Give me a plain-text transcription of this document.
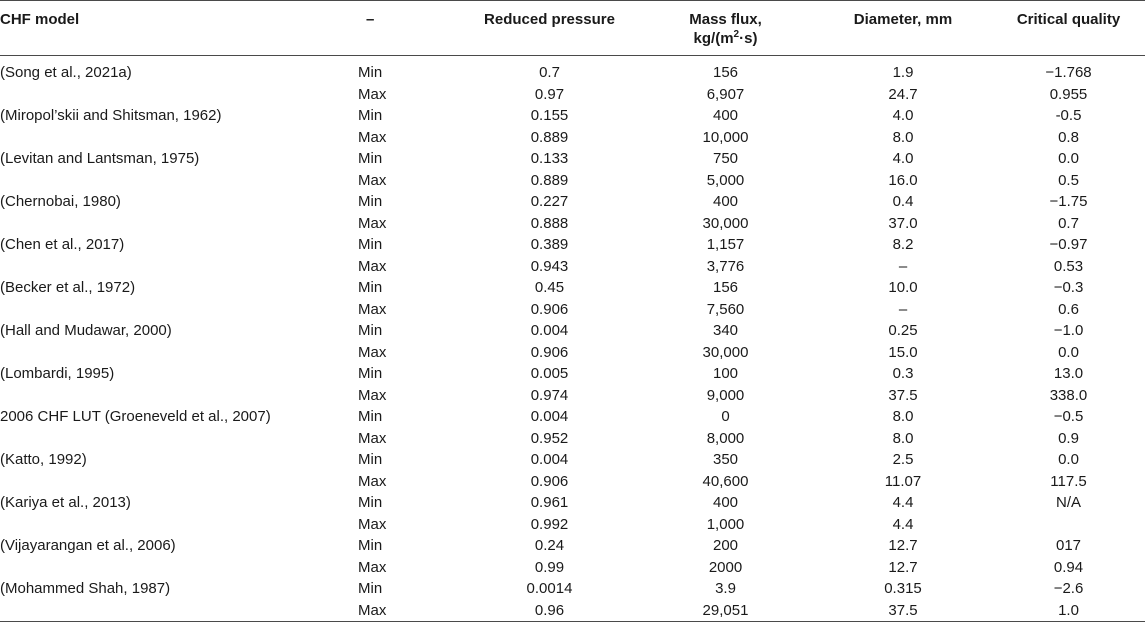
CHF model	–	Reduced pressure	Mass flux,
$kg/(m^2\cdot s)$	Diameter, mm	Critical quality
(Song et al., 2021a)	Min	0.7	156	1.9	−1.768
	Max	0.97	6,907	24.7	0.955
(Miropol’skii and Shitsman, 1962)	Min	0.155	400	4.0	-0.5
	Max	0.889	10,000	8.0	0.8
(Levitan and Lantsman, 1975)	Min	0.133	750	4.0	0.0
	Max	0.889	5,000	16.0	0.5
(Chernobai, 1980)	Min	0.227	400	0.4	−1.75
	Max	0.888	30,000	37.0	0.7
(Chen et al., 2017)	Min	0.389	1,157	8.2	−0.97
	Max	0.943	3,776	–	0.53
(Becker et al., 1972)	Min	0.45	156	10.0	−0.3
	Max	0.906	7,560	–	0.6
(Hall and Mudawar, 2000)	Min	0.004	340	0.25	−1.0
	Max	0.906	30,000	15.0	0.0
(Lombardi, 1995)	Min	0.005	100	0.3	13.0
	Max	0.974	9,000	37.5	338.0
2006 CHF LUT (Groeneveld et al., 2007)	Min	0.004	0	8.0	−0.5
	Max	0.952	8,000	8.0	0.9
(Katto, 1992)	Min	0.004	350	2.5	0.0
	Max	0.906	40,600	11.07	117.5
(Kariya et al., 2013)	Min	0.961	400	4.4	N/A
	Max	0.992	1,000	4.4	
(Vijayarangan et al., 2006)	Min	0.24	200	12.7	017
	Max	0.99	2000	12.7	0.94
(Mohammed Shah, 1987)	Min	0.0014	3.9	0.315	−2.6
	Max	0.96	29,051	37.5	1.0
